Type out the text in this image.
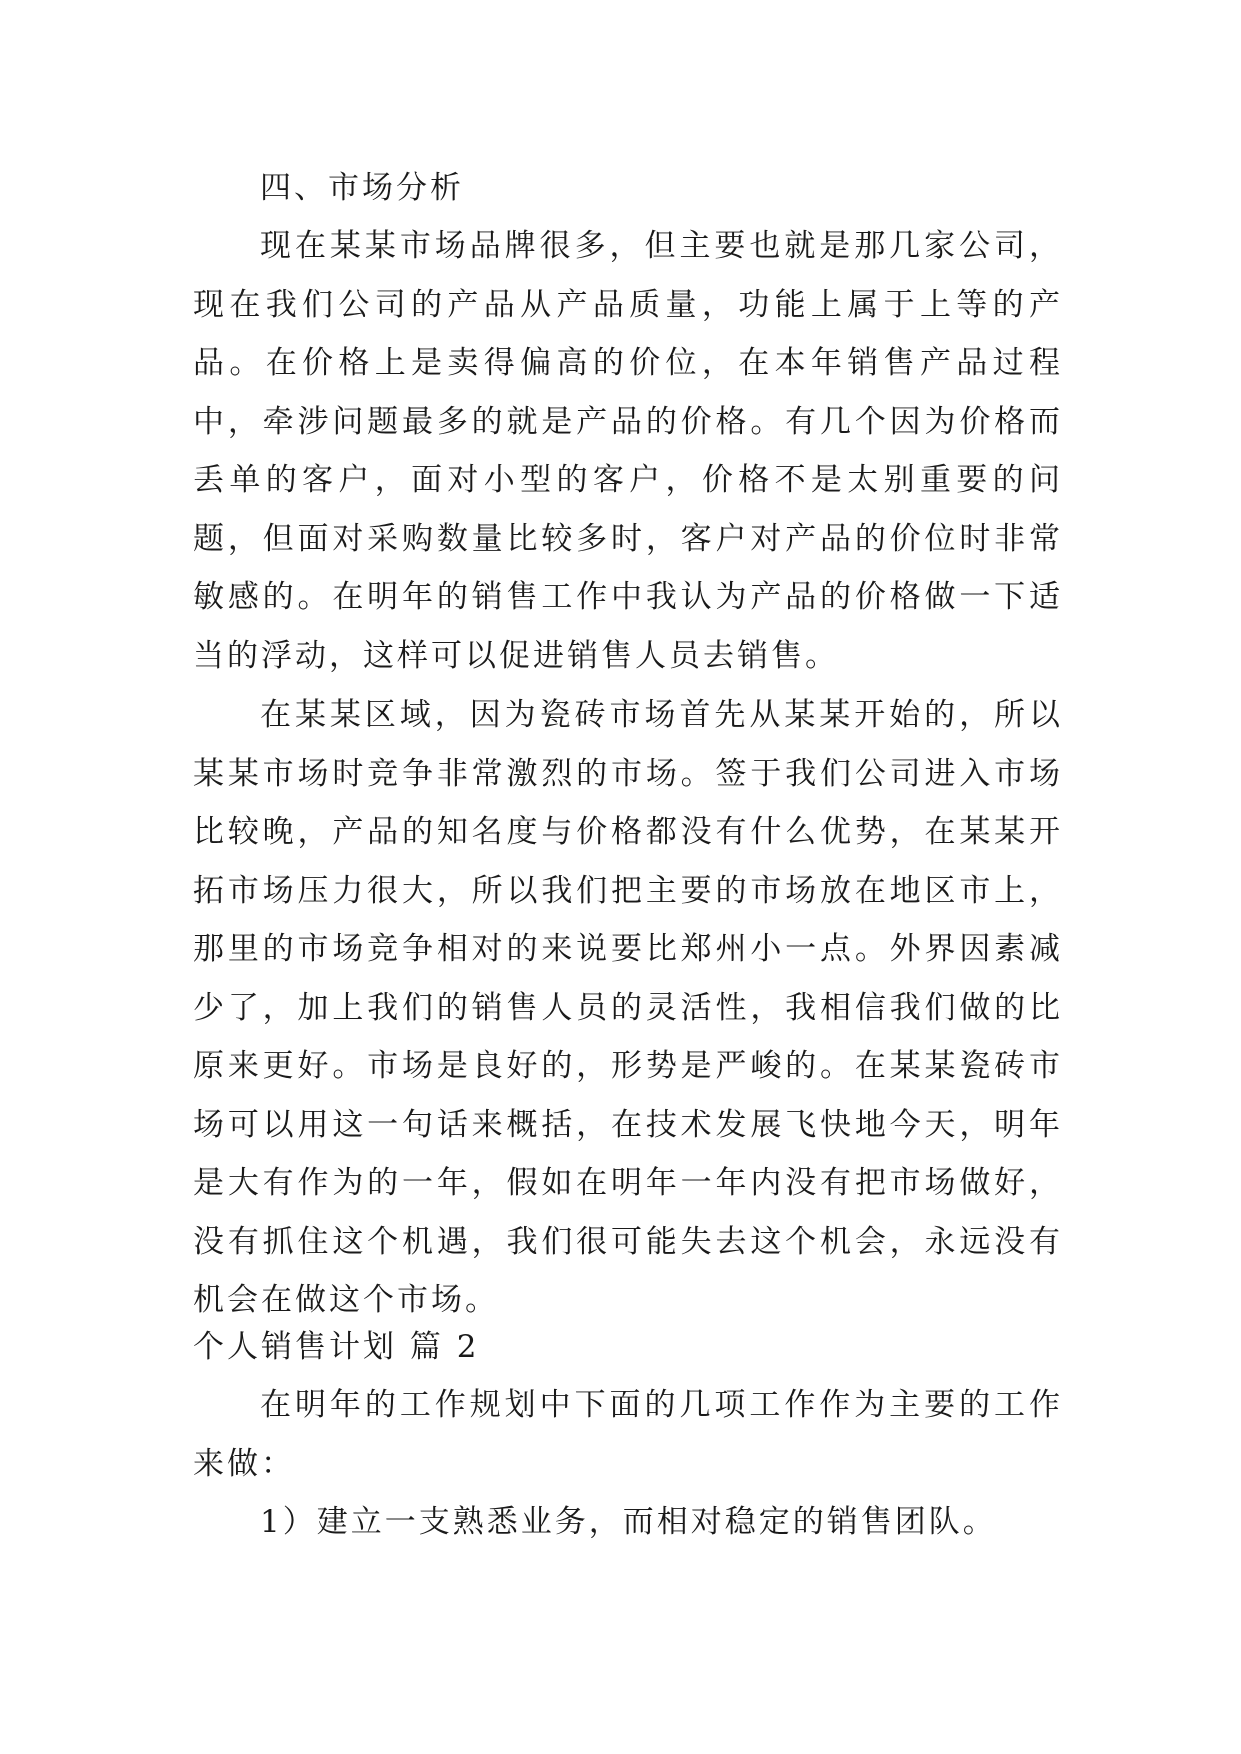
四、市场分析

现在某某市场品牌很多，但主要也就是那几家公司，现在我们公司的产品从产品质量，功能上属于上等的产品。在价格上是卖得偏高的价位，在本年销售产品过程中，牵涉问题最多的就是产品的价格。有几个因为价格而丢单的客户，面对小型的客户，价格不是太别重要的问题，但面对采购数量比较多时，客户对产品的价位时非常敏感的。在明年的销售工作中我认为产品的价格做一下适当的浮动，这样可以促进销售人员去销售。

在某某区域，因为瓷砖市场首先从某某开始的，所以某某市场时竞争非常激烈的市场。签于我们公司进入市场比较晚，产品的知名度与价格都没有什么优势，在某某开拓市场压力很大，所以我们把主要的市场放在地区市上，那里的市场竞争相对的来说要比郑州小一点。外界因素减少了，加上我们的销售人员的灵活性，我相信我们做的比原来更好。市场是良好的，形势是严峻的。在某某瓷砖市场可以用这一句话来概括，在技术发展飞快地今天，明年是大有作为的一年，假如在明年一年内没有把市场做好，没有抓住这个机遇，我们很可能失去这个机会，永远没有机会在做这个市场。

个人销售计划 篇 2

在明年的工作规划中下面的几项工作作为主要的工作来做：

1）建立一支熟悉业务，而相对稳定的销售团队。
